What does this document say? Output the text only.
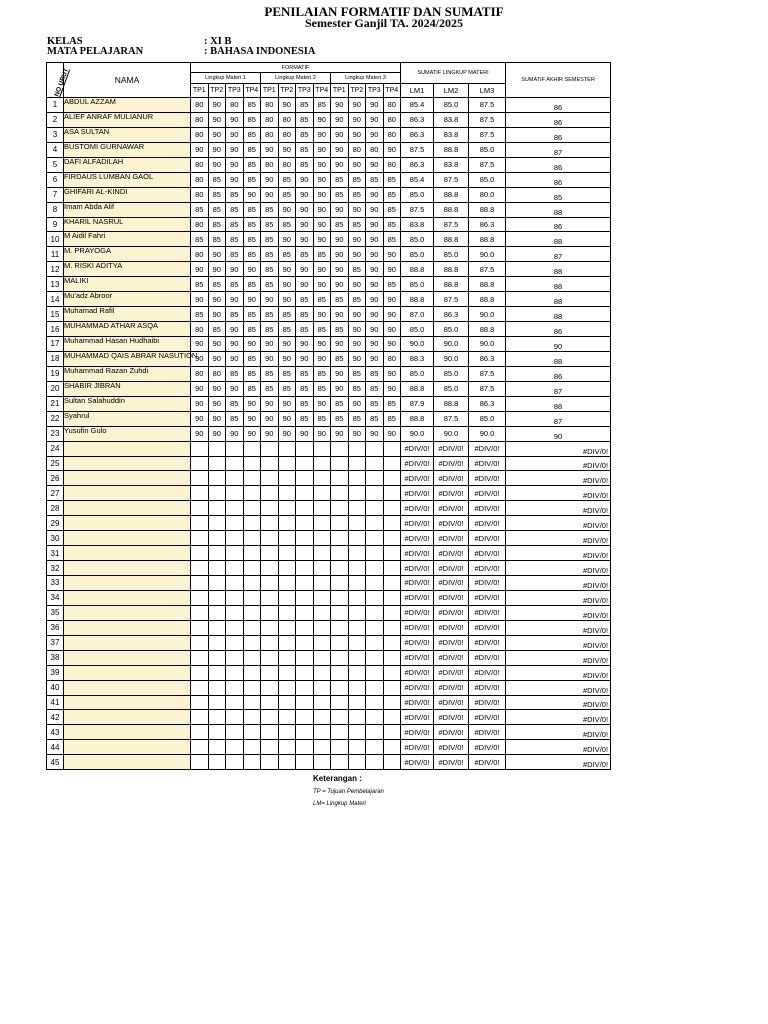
PENILAIAN FORMATIF DAN SUMATIF
Semester Ganjil TA. 2024/2025
KELAS	: XI B
MATA PELAJARAN	: BAHASA INDONESIA
NO URUT	NAMA	FORMATIF												SUMATIF LINGKUP MATERI			SUMATIF AKHIR SEMESTER
		Lingkup Materi 1				Lingkup Materi 2				Lingkup Materi 3							
		TP1	TP2	TP3	TP4	TP1	TP2	TP3	TP4	TP1	TP2	TP3	TP4	LM1	LM2	LM3	
1	ABDUL AZZAM	80	90	80	85	80	90	85	85	90	90	90	80	85.4	85.0	87.5	86
2	ALIEF ANRAF MULIANUR	80	90	90	85	80	80	85	90	90	90	90	80	86.3	83.8	87.5	86
3	ASA SULTAN	80	90	90	85	80	80	85	90	90	90	90	80	86.3	83.8	87.5	86
4	BUSTOMI GURNAWAR	90	90	90	85	90	90	85	90	90	80	80	90	87.5	88.8	85.0	87
5	DAFI ALFADILAH	80	90	90	85	80	80	85	90	90	90	90	80	86.3	83.8	87.5	86
6	FIRDAUS LUMBAN GAOL	80	85	90	85	90	85	90	90	85	85	85	85	85.4	87.5	85.0	86
7	GHIFARI AL-KINDI	80	85	85	90	90	85	90	90	85	85	90	85	85.0	88.8	80.0	85
8	Imam Abda Alif	85	85	85	85	85	90	90	90	90	90	90	85	87.5	88.8	88.8	88
9	KHARIL NASRUL	80	85	85	85	85	85	90	90	85	85	90	85	83.8	87.5	86.3	86
10	M Aidil Fahri	85	85	85	85	85	90	90	90	90	90	90	85	85.0	88.8	88.8	88
11	M. PRAYOGA	80	90	85	85	85	85	85	85	90	90	90	90	85.0	85.0	90.0	87
12	M. RISKI ADITYA	90	90	90	90	85	90	90	90	90	85	90	90	88.8	88.8	87.5	88
13	MALIKI	85	85	85	85	85	90	90	90	90	90	90	85	85.0	88.8	88.8	88
14	Mu'adz Abroor	90	90	90	90	90	90	85	85	85	85	90	90	88.8	87.5	88.8	88
15	Muhamad Rafil	85	90	85	85	85	85	85	90	90	90	90	90	87.0	86.3	90.0	88
16	MUHAMMAD ATHAR ASQA	80	85	90	85	85	85	85	85	85	90	90	90	85.0	85.0	88.8	86
17	Muhammad Hasan Hudhaibi	90	90	90	90	90	90	90	90	90	90	90	90	90.0	90.0	90.0	90
18	MUHAMMAD QAIS ABRAR NASUTION	90	90	90	85	90	90	90	90	85	90	90	80	88.3	90.0	86.3	88
19	Muhammad Razan Zuhdi	80	80	85	85	85	85	85	85	90	85	85	90	85.0	85.0	87.5	86
20	SHABIR JIBRAN	90	90	90	85	85	85	85	85	90	85	85	90	88.8	85.0	87.5	87
21	Sultan Salahuddin	90	90	85	90	90	90	85	90	85	90	85	85	87.9	88.8	86.3	88
22	Syahrul	90	90	85	90	90	90	85	85	85	85	85	85	88.8	87.5	85.0	87
23	Yusufin Gulo	90	90	90	90	90	90	90	90	90	90	90	90	90.0	90.0	90.0	90
24														#DIV/0!	#DIV/0!	#DIV/0!	#DIV/0!
25														#DIV/0!	#DIV/0!	#DIV/0!	#DIV/0!
26														#DIV/0!	#DIV/0!	#DIV/0!	#DIV/0!
27														#DIV/0!	#DIV/0!	#DIV/0!	#DIV/0!
28														#DIV/0!	#DIV/0!	#DIV/0!	#DIV/0!
29														#DIV/0!	#DIV/0!	#DIV/0!	#DIV/0!
30														#DIV/0!	#DIV/0!	#DIV/0!	#DIV/0!
31														#DIV/0!	#DIV/0!	#DIV/0!	#DIV/0!
32														#DIV/0!	#DIV/0!	#DIV/0!	#DIV/0!
33														#DIV/0!	#DIV/0!	#DIV/0!	#DIV/0!
34														#DIV/0!	#DIV/0!	#DIV/0!	#DIV/0!
35														#DIV/0!	#DIV/0!	#DIV/0!	#DIV/0!
36														#DIV/0!	#DIV/0!	#DIV/0!	#DIV/0!
37														#DIV/0!	#DIV/0!	#DIV/0!	#DIV/0!
38														#DIV/0!	#DIV/0!	#DIV/0!	#DIV/0!
39														#DIV/0!	#DIV/0!	#DIV/0!	#DIV/0!
40														#DIV/0!	#DIV/0!	#DIV/0!	#DIV/0!
41														#DIV/0!	#DIV/0!	#DIV/0!	#DIV/0!
42														#DIV/0!	#DIV/0!	#DIV/0!	#DIV/0!
43														#DIV/0!	#DIV/0!	#DIV/0!	#DIV/0!
44														#DIV/0!	#DIV/0!	#DIV/0!	#DIV/0!
45														#DIV/0!	#DIV/0!	#DIV/0!	#DIV/0!
Keterangan :
TP = Tujuan Pembelajaran
LM= Lingkup Materi
